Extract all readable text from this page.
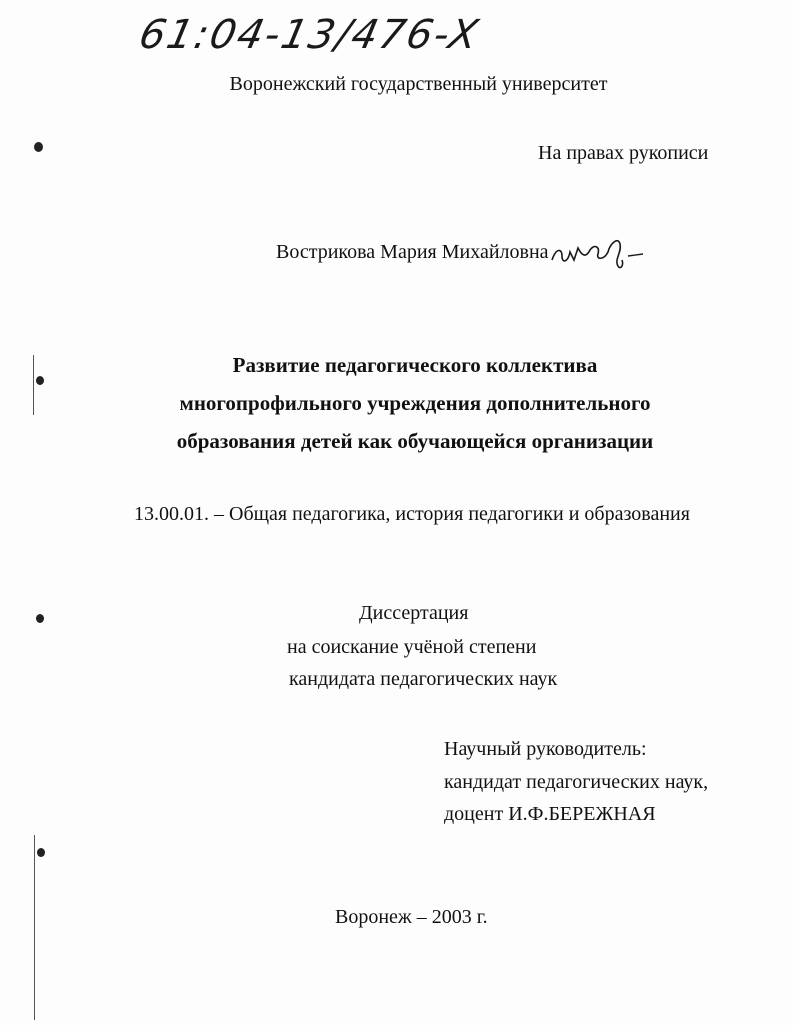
61:04-13/476-X
Воронежский государственный университет
На правах рукописи
Вострикова Мария Михайловна
Развитие педагогического коллектива
многопрофильного учреждения дополнительного
образования детей как обучающейся организации
13.00.01. – Общая педагогика, история педагогики и образования
Диссертация
на соискание учёной степени
кандидата педагогических наук
Научный руководитель:
кандидат педагогических наук,
доцент И.Ф.БЕРЕЖНАЯ
Воронеж – 2003 г.
